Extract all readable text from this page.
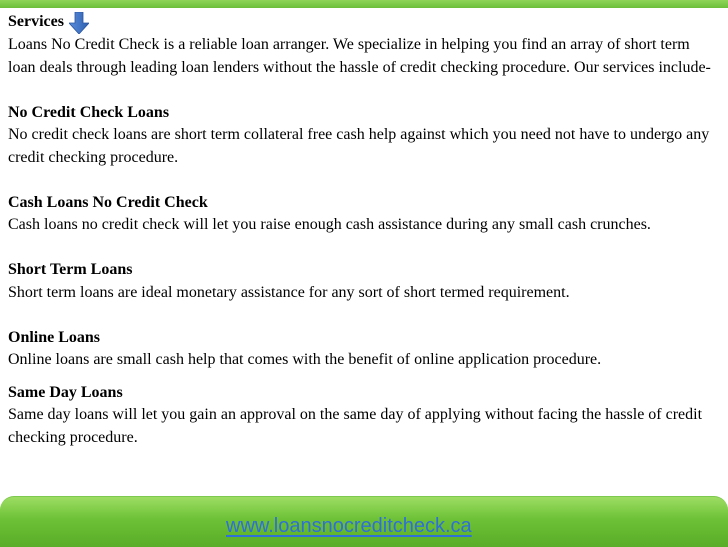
Services

Loans No Credit Check is a reliable loan arranger. We specialize in helping you find an array of short term loan deals through leading loan lenders without the hassle of credit checking procedure. Our services include-

No Credit Check Loans

No credit check loans are short term collateral free cash help against which you need not have to undergo any credit checking procedure.

Cash Loans No Credit Check

Cash loans no credit check will let you raise enough cash assistance during any small cash crunches.

Short Term Loans

Short term loans are ideal monetary assistance for any sort of short termed requirement.

Online Loans

Online loans are small cash help that comes with the benefit of online application procedure.

Same Day Loans

Same day loans will let you gain an approval on the same day of applying without facing the hassle of credit checking procedure.

www.loansnocreditcheck.ca
